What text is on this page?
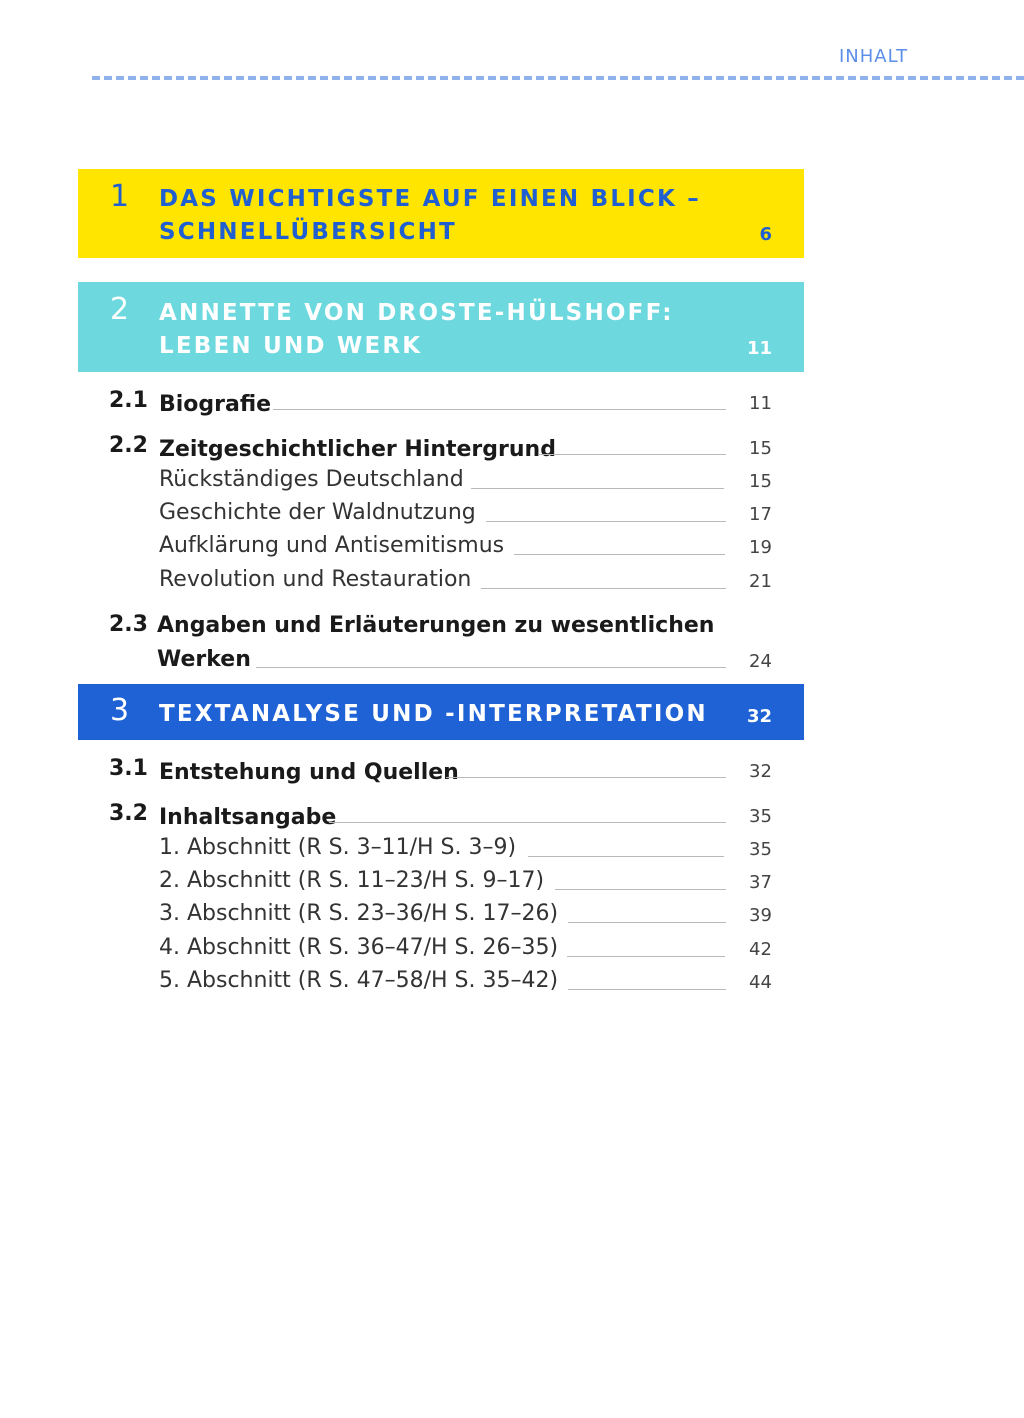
INHALT
1 DAS WICHTIGSTE AUF EINEN BLICK –
SCHNELLÜBERSICHT	6
2 ANNETTE VON DROSTE-HÜLSHOFF:
LEBEN UND WERK	11
2.1 Biografie	11
2.2 Zeitgeschichtlicher Hintergrund	15
Rückständiges Deutschland	15
Geschichte der Waldnutzung	17
Aufklärung und Antisemitismus	19
Revolution und Restauration	21
2.3 Angaben und Erläuterungen zu wesentlichen
Werken	24
3 TEXTANALYSE UND -INTERPRETATION 32
3.1 Entstehung und Quellen	32
3.2 Inhaltsangabe	35
1. Abschnitt (R S. 3–11/H S. 3–9)	35
2. Abschnitt (R S. 11–23/H S. 9–17)	37
3. Abschnitt (R S. 23–36/H S. 17–26)	39
4. Abschnitt (R S. 36–47/H S. 26–35)	42
5. Abschnitt (R S. 47–58/H S. 35–42)	44
